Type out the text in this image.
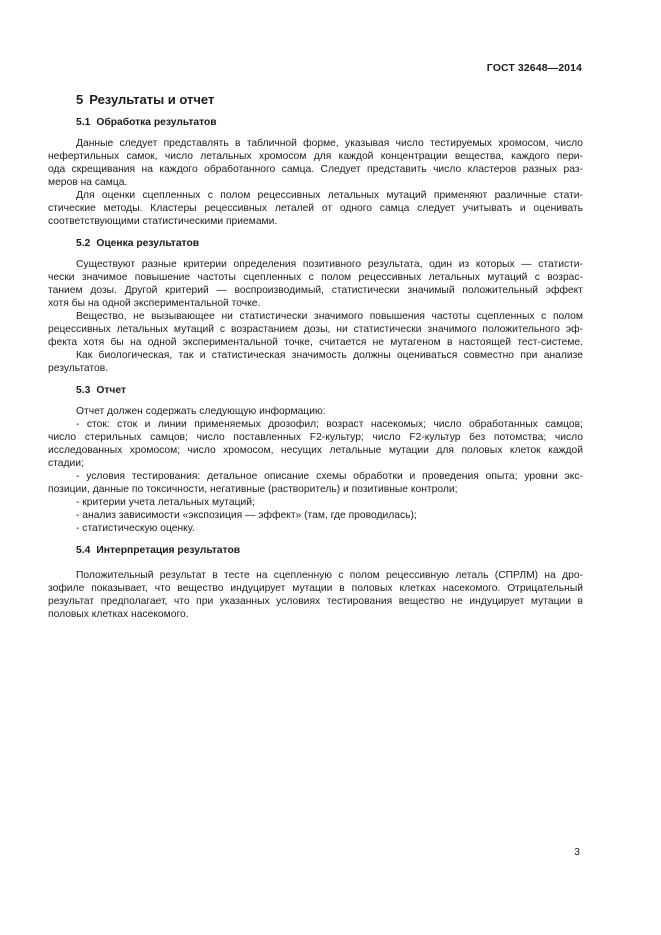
ГОСТ 32648—2014
5 Результаты и отчет
5.1 Обработка результатов
Данные следует представлять в табличной форме, указывая число тестируемых хромосом, число
нефертильных самок, число летальных хромосом для каждой концентрации вещества, каждого пери-
ода скрещивания на каждого обработанного самца. Следует представить число кластеров разных раз-
меров на самца.
Для оценки сцепленных с полом рецессивных летальных мутаций применяют различные стати-
стические методы. Кластеры рецессивных леталей от одного самца следует учитывать и оценивать
соответствующими статистическими приемами.
5.2 Оценка результатов
Существуют разные критерии определения позитивного результата, один из которых — статисти-
чески значимое повышение частоты сцепленных с полом рецессивных летальных мутаций с возрас-
танием дозы. Другой критерий — воспроизводимый, статистически значимый положительный эффект
хотя бы на одной экспериментальной точке.
Вещество, не вызывающее ни статистически значимого повышения частоты сцепленных с полом
рецессивных летальных мутаций с возрастанием дозы, ни статистически значимого положительного эф-
фекта хотя бы на одной экспериментальной точке, считается не мутагеном в настоящей тест-системе.
Как биологическая, так и статистическая значимость должны оцениваться совместно при анализе
результатов.
5.3 Отчет
Отчет должен содержать следующую информацию:
- сток: сток и линии применяемых дрозофил; возраст насекомых; число обработанных самцов;
число стерильных самцов; число поставленных F2-культур; число F2-культур без потомства; число
исследованных хромосом; число хромосом, несущих летальные мутации для половых клеток каждой
стадии;
- условия тестирования: детальное описание схемы обработки и проведения опыта; уровни экс-
позиции, данные по токсичности, негативные (растворитель) и позитивные контроли;
- критерии учета летальных мутаций;
- анализ зависимости «экспозиция — эффект» (там, где проводилась);
- статистическую оценку.
5.4 Интерпретация результатов
Положительный результат в тесте на сцепленную с полом рецессивную леталь (СПРЛМ) на дро-
зофиле показывает, что вещество индуцирует мутации в половых клетках насекомого. Отрицательный
результат предполагает, что при указанных условиях тестирования вещество не индуцирует мутации в
половых клетках насекомого.
3
